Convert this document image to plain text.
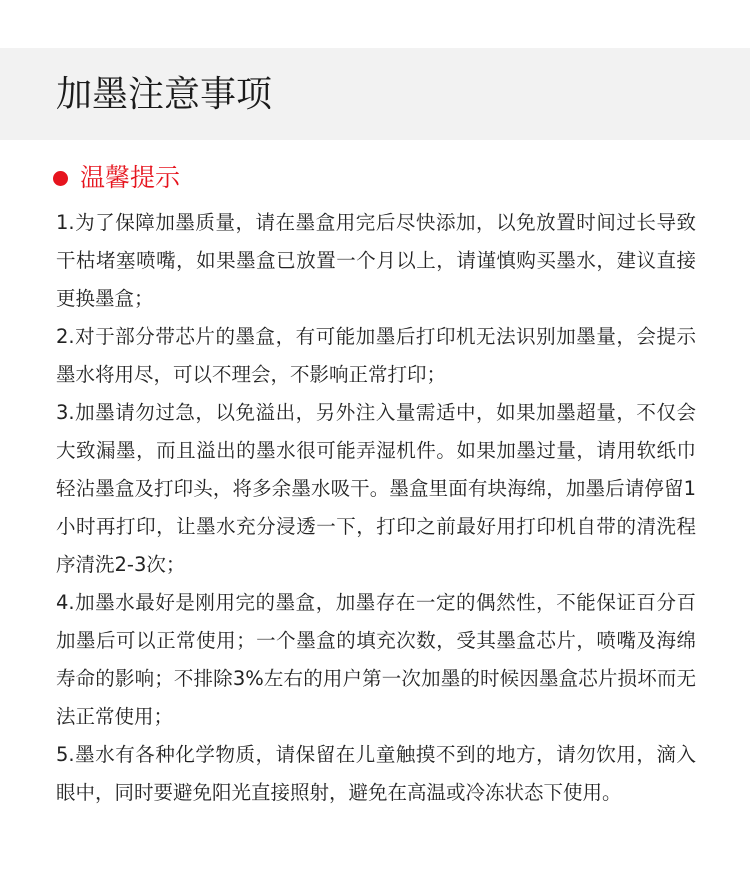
加墨注意事项
温馨提示
1.为了保障加墨质量，请在墨盒用完后尽快添加，以免放置时间过长导致干枯堵塞喷嘴，如果墨盒已放置一个月以上，请谨慎购买墨水，建议直接更换墨盒；
2.对于部分带芯片的墨盒，有可能加墨后打印机无法识别加墨量，会提示墨水将用尽，可以不理会，不影响正常打印；
3.加墨请勿过急，以免溢出，另外注入量需适中，如果加墨超量，不仅会大致漏墨，而且溢出的墨水很可能弄湿机件。如果加墨过量，请用软纸巾轻沾墨盒及打印头，将多余墨水吸干。墨盒里面有块海绵，加墨后请停留1小时再打印，让墨水充分浸透一下，打印之前最好用打印机自带的清洗程序清洗2-3次；
4.加墨水最好是刚用完的墨盒，加墨存在一定的偶然性，不能保证百分百加墨后可以正常使用；一个墨盒的填充次数，受其墨盒芯片，喷嘴及海绵寿命的影响；不排除3%左右的用户第一次加墨的时候因墨盒芯片损坏而无法正常使用；
5.墨水有各种化学物质，请保留在儿童触摸不到的地方，请勿饮用，滴入眼中，同时要避免阳光直接照射，避免在高温或冷冻状态下使用。
